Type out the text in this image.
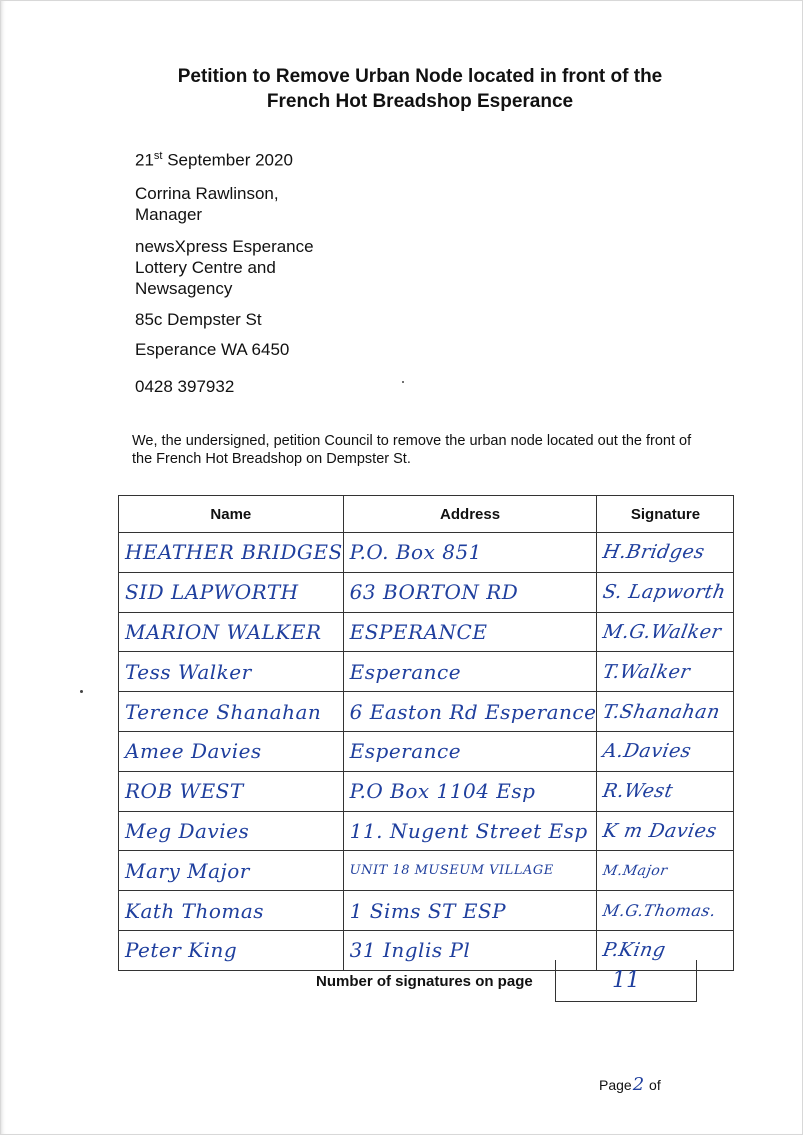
Petition to Remove Urban Node located in front of the
French Hot Breadshop Esperance
21st September 2020
Corrina Rawlinson,
Manager
newsXpress Esperance
Lottery Centre and
Newsagency
85c Dempster St
Esperance WA 6450
0428 397932
We, the undersigned, petition Council to remove the urban node located out the front of the French Hot Breadshop on Dempster St.
Name	Address	Signature

HEATHER BRIDGES	P.O. Box 851	H.Bridges

SID LAPWORTH	63 BORTON RD	S. Lapworth

MARION WALKER	ESPERANCE	M.G.Walker

Tess Walker	Esperance	T.Walker

Terence Shanahan	6 Easton Rd Esperance	T.Shanahan

Amee Davies	Esperance	A.Davies

ROB WEST	P.O Box 1104 Esp	R.West

Meg Davies	11. Nugent Street Esp	K m Davies

Mary Major	UNIT 18 MUSEUM VILLAGE	M.Major

Kath Thomas	1 Sims ST ESP	M.G.Thomas.

Peter King	31 Inglis Pl	P.King
Number of signatures on page	11
Page2 of
